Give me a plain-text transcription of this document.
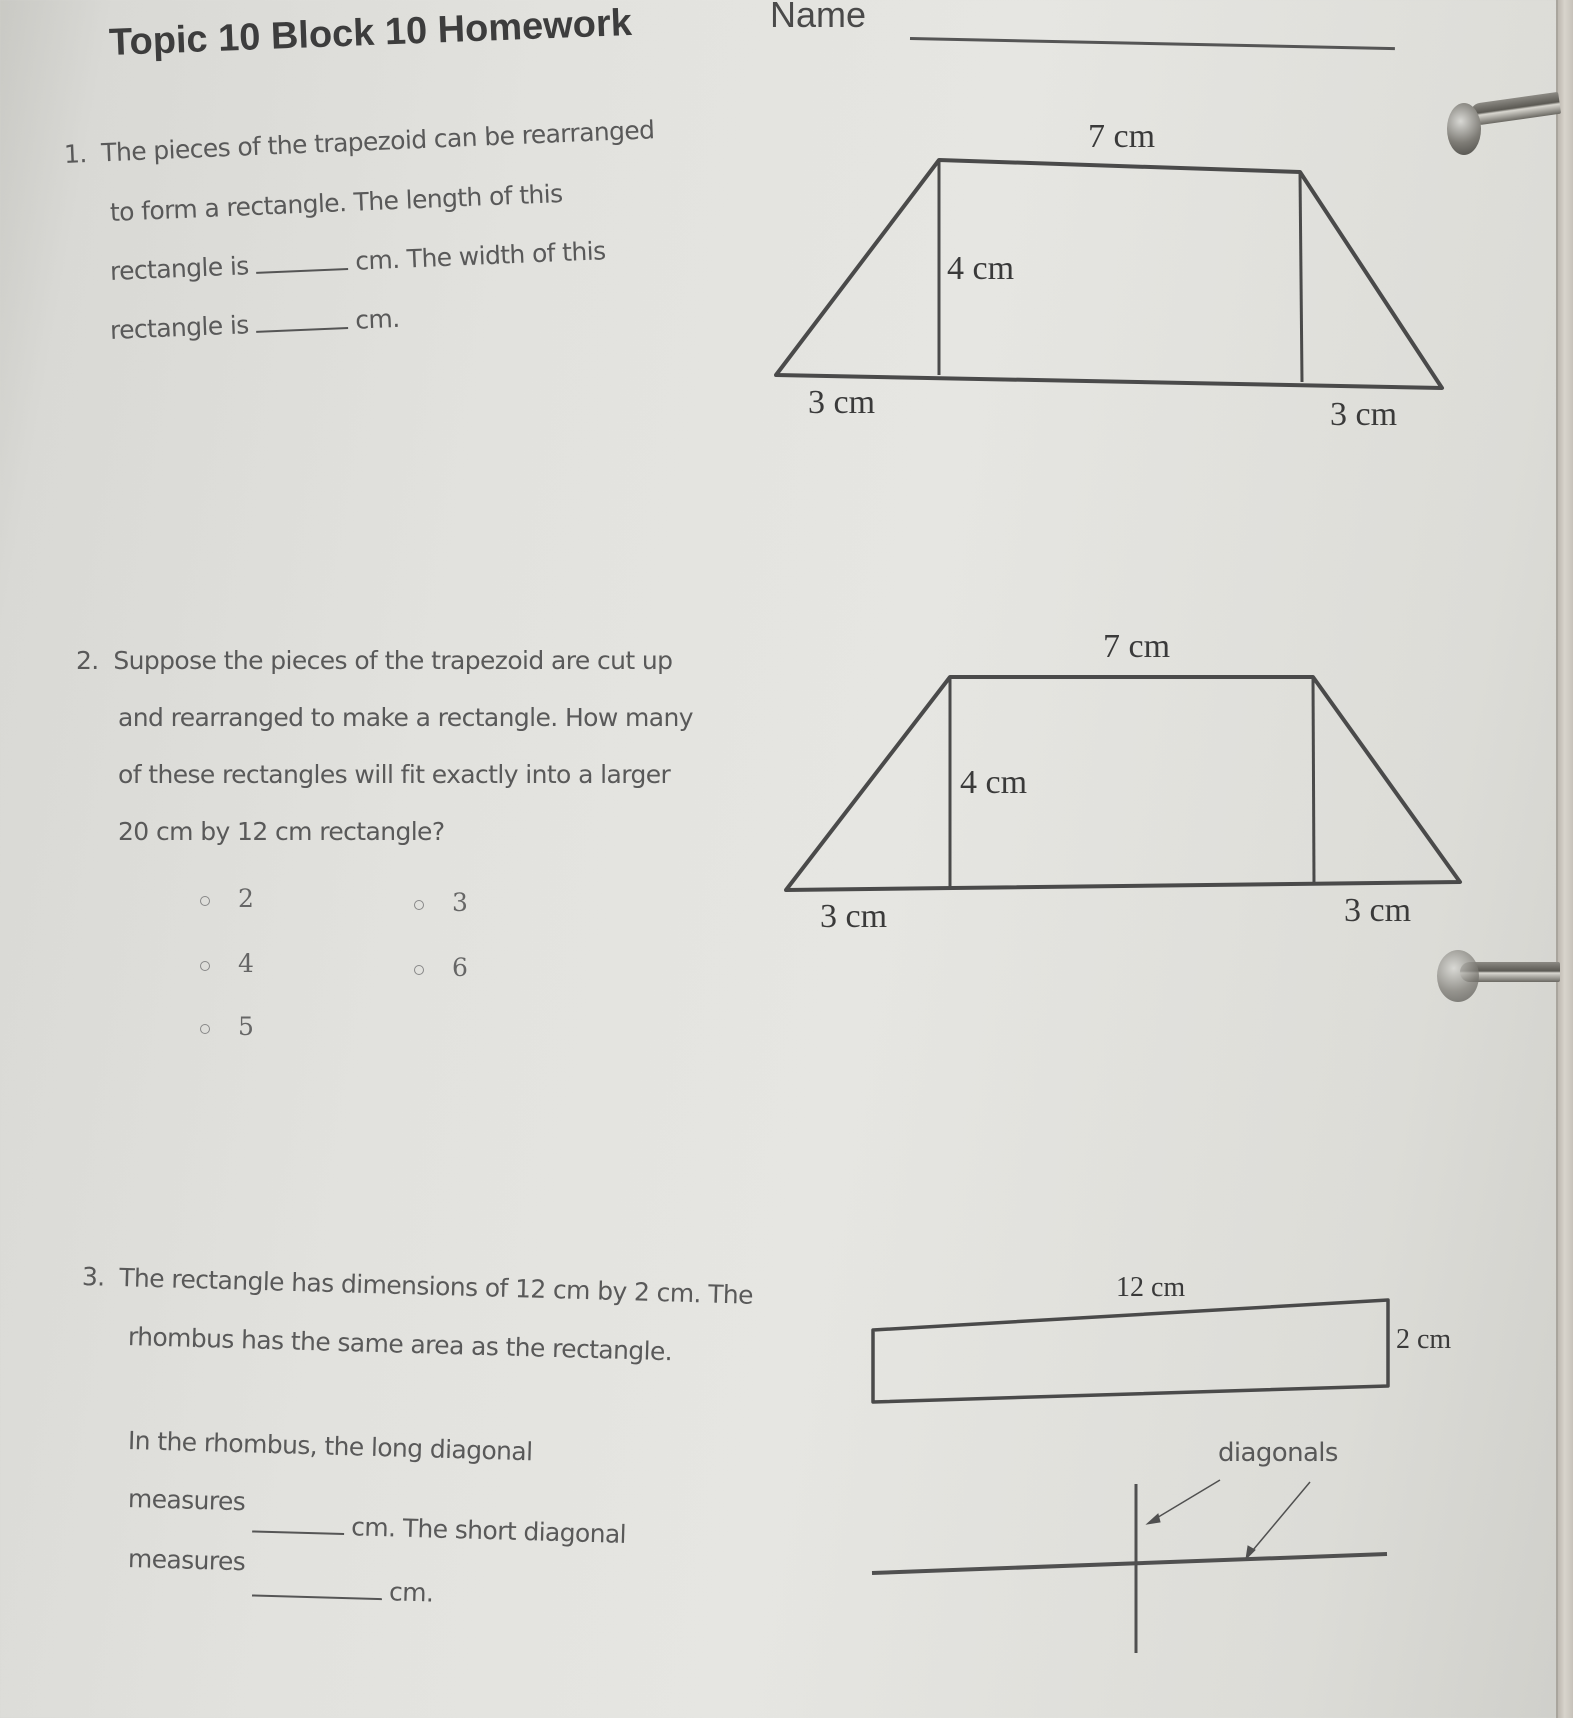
Topic 10 Block 10 Homework	Name
1. The pieces of the trapezoid can be rearranged
to form a rectangle. The length of this
rectangle is	cm. The width of this
rectangle is	cm.
7 cm
4 cm
3 cm	3 cm
2. Suppose the pieces of the trapezoid are cut up
and rearranged to make a rectangle. How many
of these rectangles will fit exactly into a larger
20 cm by 12 cm rectangle?
2	3
4	6
5
7 cm
4 cm
3 cm	3 cm
3. The rectangle has dimensions of 12 cm by 2 cm. The
rhombus has the same area as the rectangle.
In the rhombus, the long diagonal
measures  cm. The short diagonal
measures  cm.
12 cm
2 cm
diagonals
